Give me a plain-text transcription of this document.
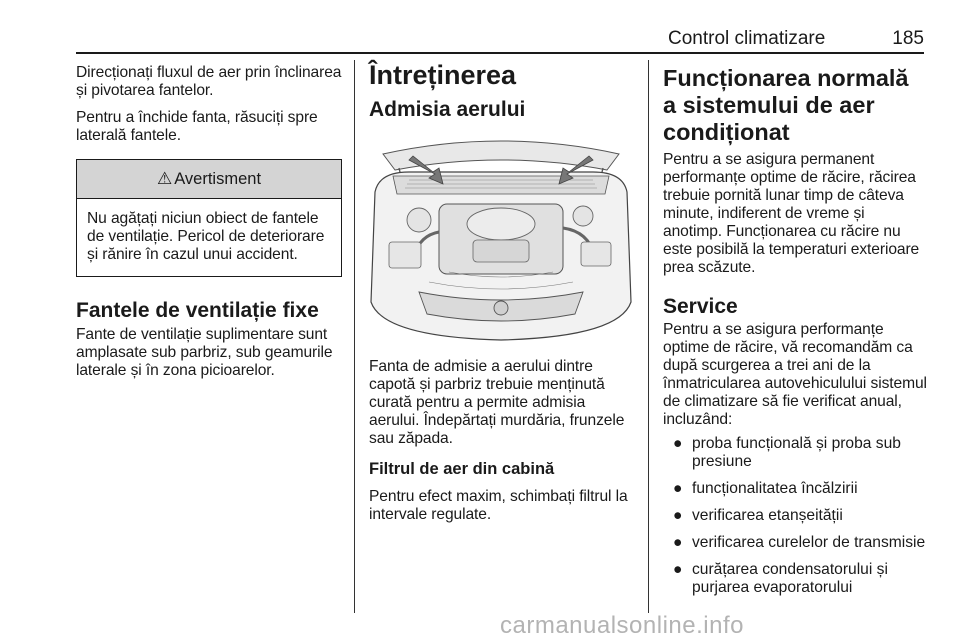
Control climatizare	185

Direcționați fluxul de aer prin înclinarea și pivotarea fantelor.

Pentru a închide fanta, răsuciți spre laterală fantele.

⚠ Avertisment

Nu agățați niciun obiect de fantele de ventilație. Pericol de deteriorare și rănire în cazul unui accident.

Fantele de ventilație fixe

Fante de ventilație suplimentare sunt amplasate sub parbriz, sub geamurile laterale și în zona picioarelor.

Întreținerea
Admisia aerului

Fanta de admisie a aerului dintre capotă și parbriz trebuie menținută curată pentru a permite admisia aerului. Îndepărtați murdăria, frunzele sau zăpada.

Filtrul de aer din cabină

Pentru efect maxim, schimbați filtrul la intervale regulate.

Funcționarea normală a sistemului de aer condiționat

Pentru a se asigura permanent performanțe optime de răcire, răcirea trebuie pornită lunar timp de câteva minute, indiferent de vreme și anotimp. Funcționarea cu răcire nu este posibilă la temperaturi exterioare prea scăzute.

Service

Pentru a se asigura performanțe optime de răcire, vă recomandăm ca după scurgerea a trei ani de la înmatricularea autovehiculului sistemul de climatizare să fie verificat anual, incluzând:

● proba funcțională și proba sub presiune
● funcționalitatea încălzirii
● verificarea etanșeității
● verificarea curelelor de transmisie
● curățarea condensatorului și purjarea evaporatorului
carmanualsonline.info
